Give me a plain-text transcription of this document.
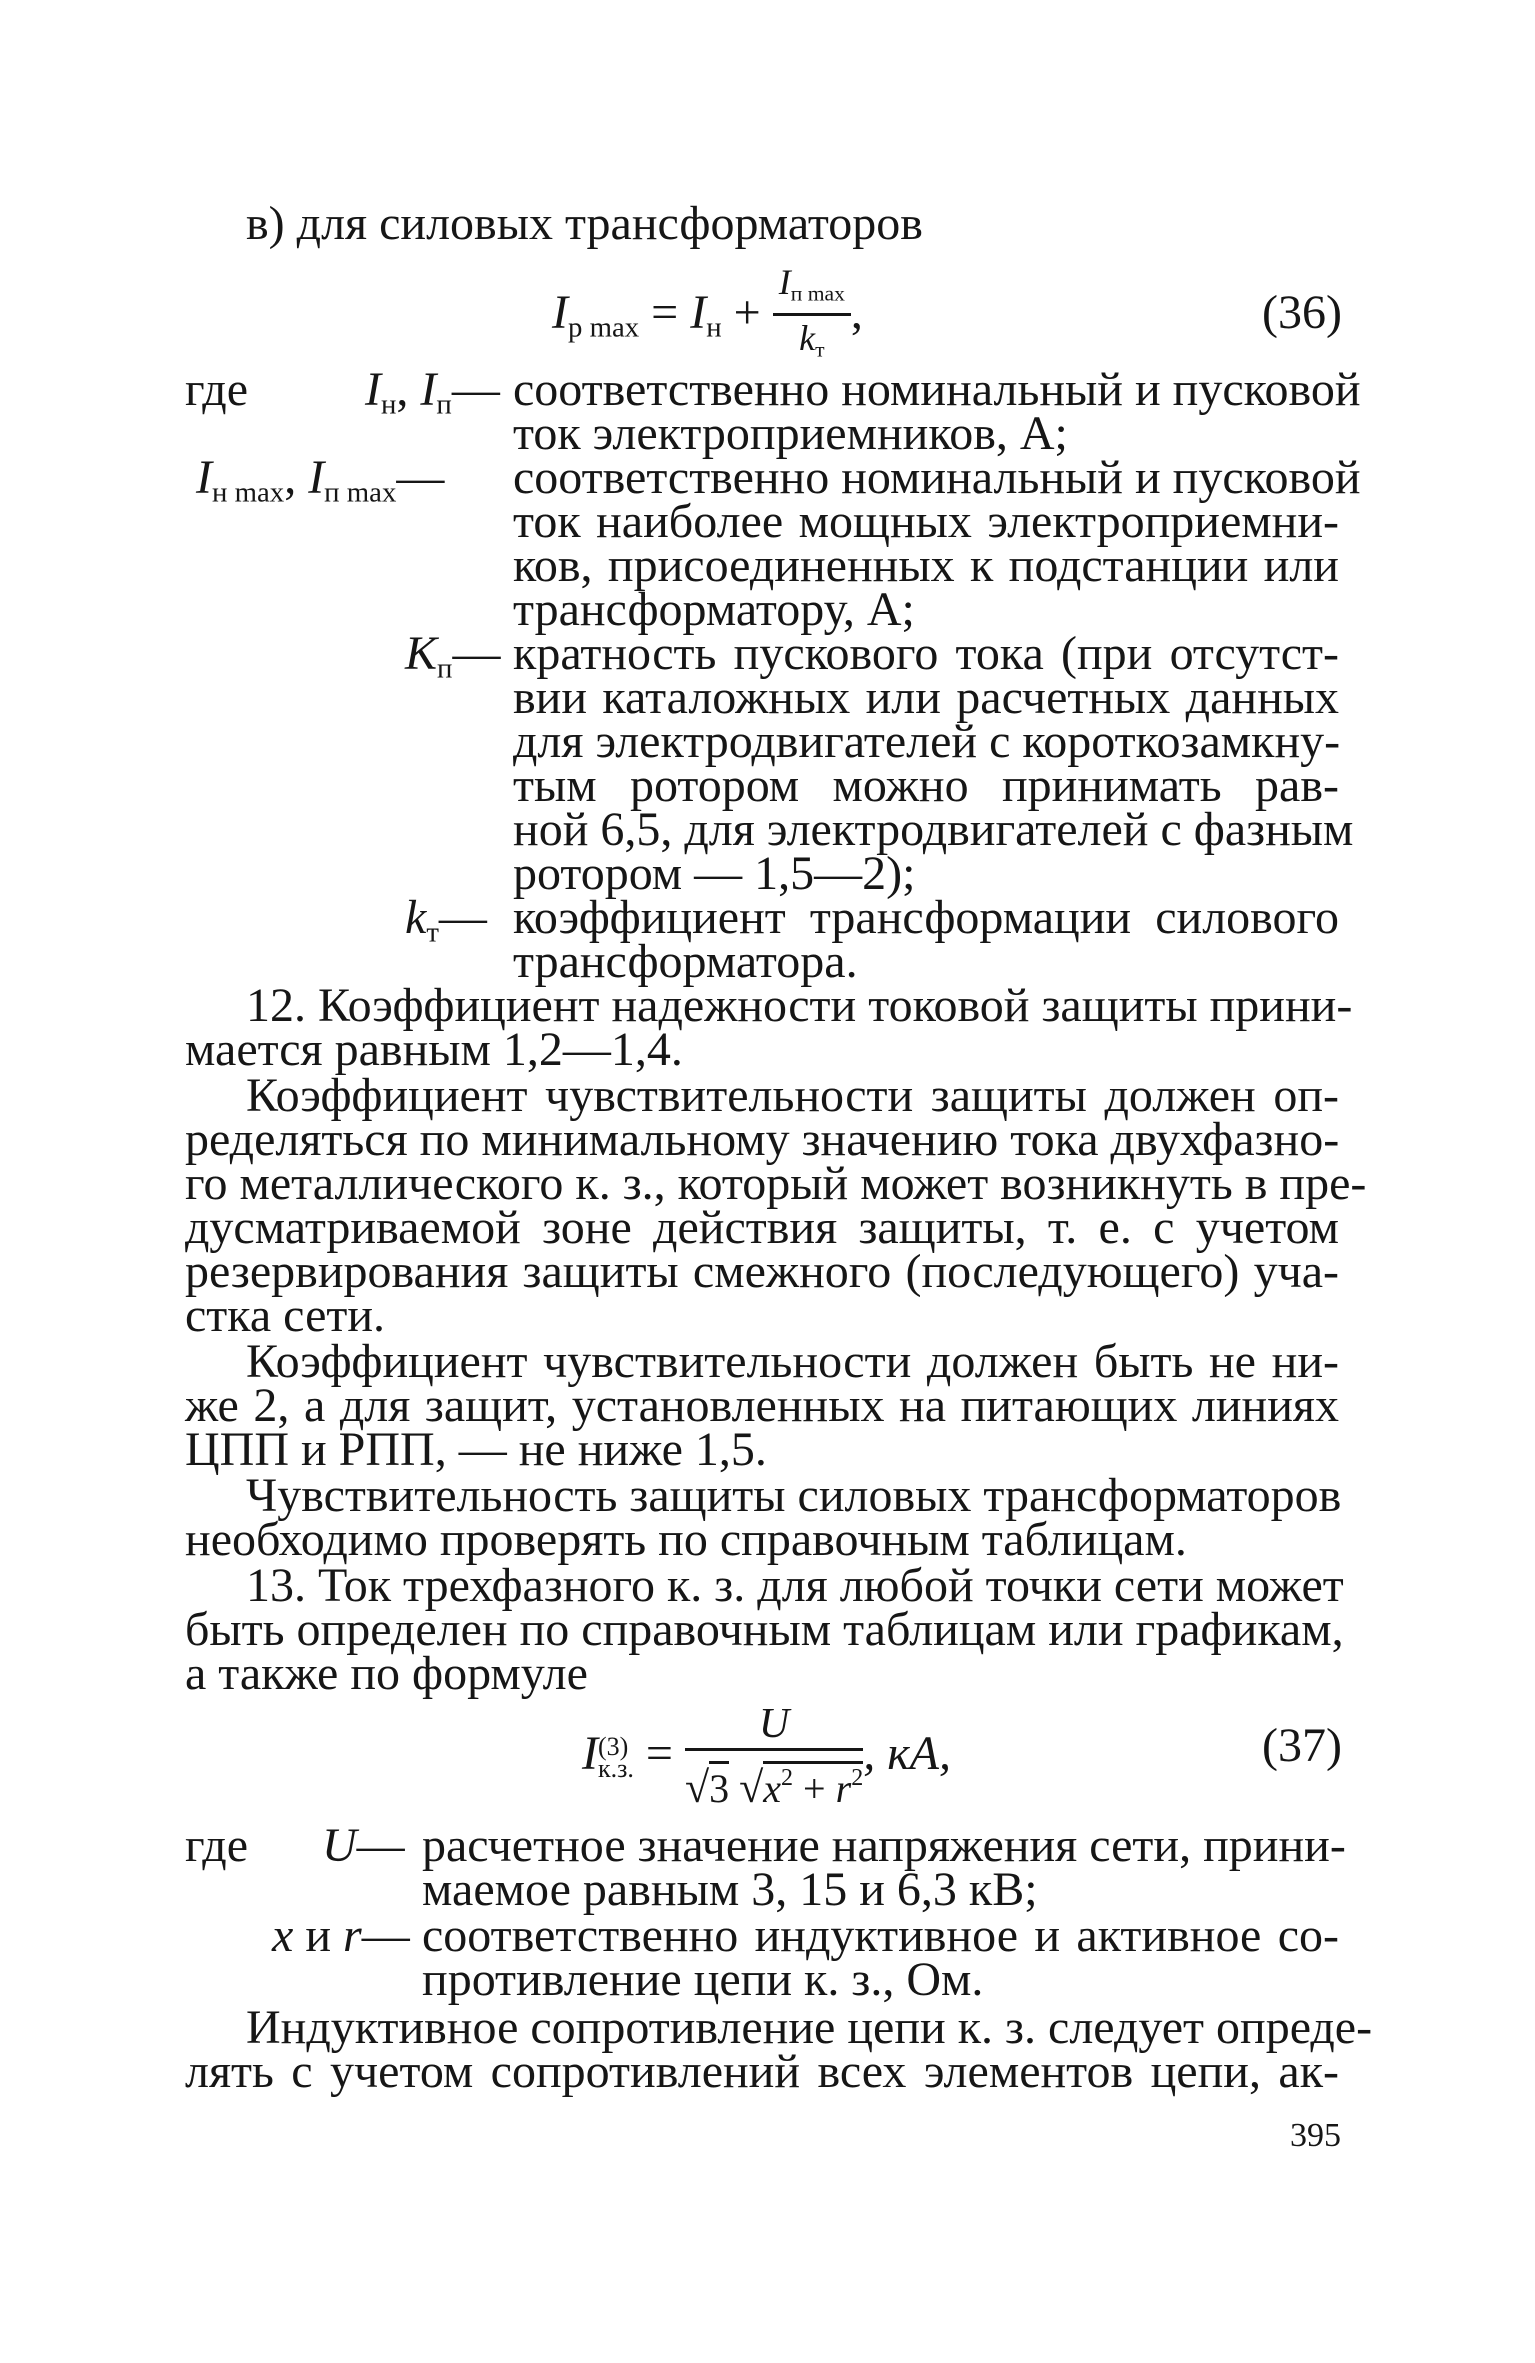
в) для силовых трансформаторов
$I_{p max} = I_н + \frac{I_{п max}}{k_т}$ ,	(36)
где $I_н$, $I_п—$ соответственно номинальный и пусковой
ток электроприемников, А;
$I_{н max}$, $I_{п max}—$ соответственно номинальный и пусковой
ток наиболее мощных электроприемни-
ков, присоединенных к подстанции или
трансформатору, А;
$K_п—$ кратность пускового тока (при отсутст-
вии каталожных или расчетных данных
для электродвигателей с короткозамкну-
тым ротором можно принимать рав-
ной 6,5, для электродвигателей с фазным
ротором — 1,5—2);
$k_т—$ коэффициент трансформации силового
трансформатора.
12. Коэффициент надежности токовой защиты прини-
мается равным 1,2—1,4.
Коэффициент чувствительности защиты должен оп-
ределяться по минимальному значению тока двухфазно-
го металлического к. з., который может возникнуть в пре-
дусматриваемой зоне действия защиты, т. е. с учетом
резервирования защиты смежного (последующего) уча-
стка сети.
Коэффициент чувствительности должен быть не ни-
же 2, а для защит, установленных на питающих линиях
ЦПП и РПП, — не ниже 1,5.
Чувствительность защиты силовых трансформаторов
необходимо проверять по справочным таблицам.
13. Ток трехфазного к. з. для любой точки сети может
быть определен по справочным таблицам или графикам,
а также по формуле
I (3)
к.з. = $\frac{U}{√3 √x^2 + r^2}$ , кА,	(37)
где U— расчетное значение напряжения сети, прини-
маемое равным 3, 15 и 6,3 кВ;
x и r— соответственно индуктивное и активное со-
противление цепи к. з., Ом.
Индуктивное сопротивление цепи к. з. следует опреде-
лять с учетом сопротивлений всех элементов цепи, ак-
395
